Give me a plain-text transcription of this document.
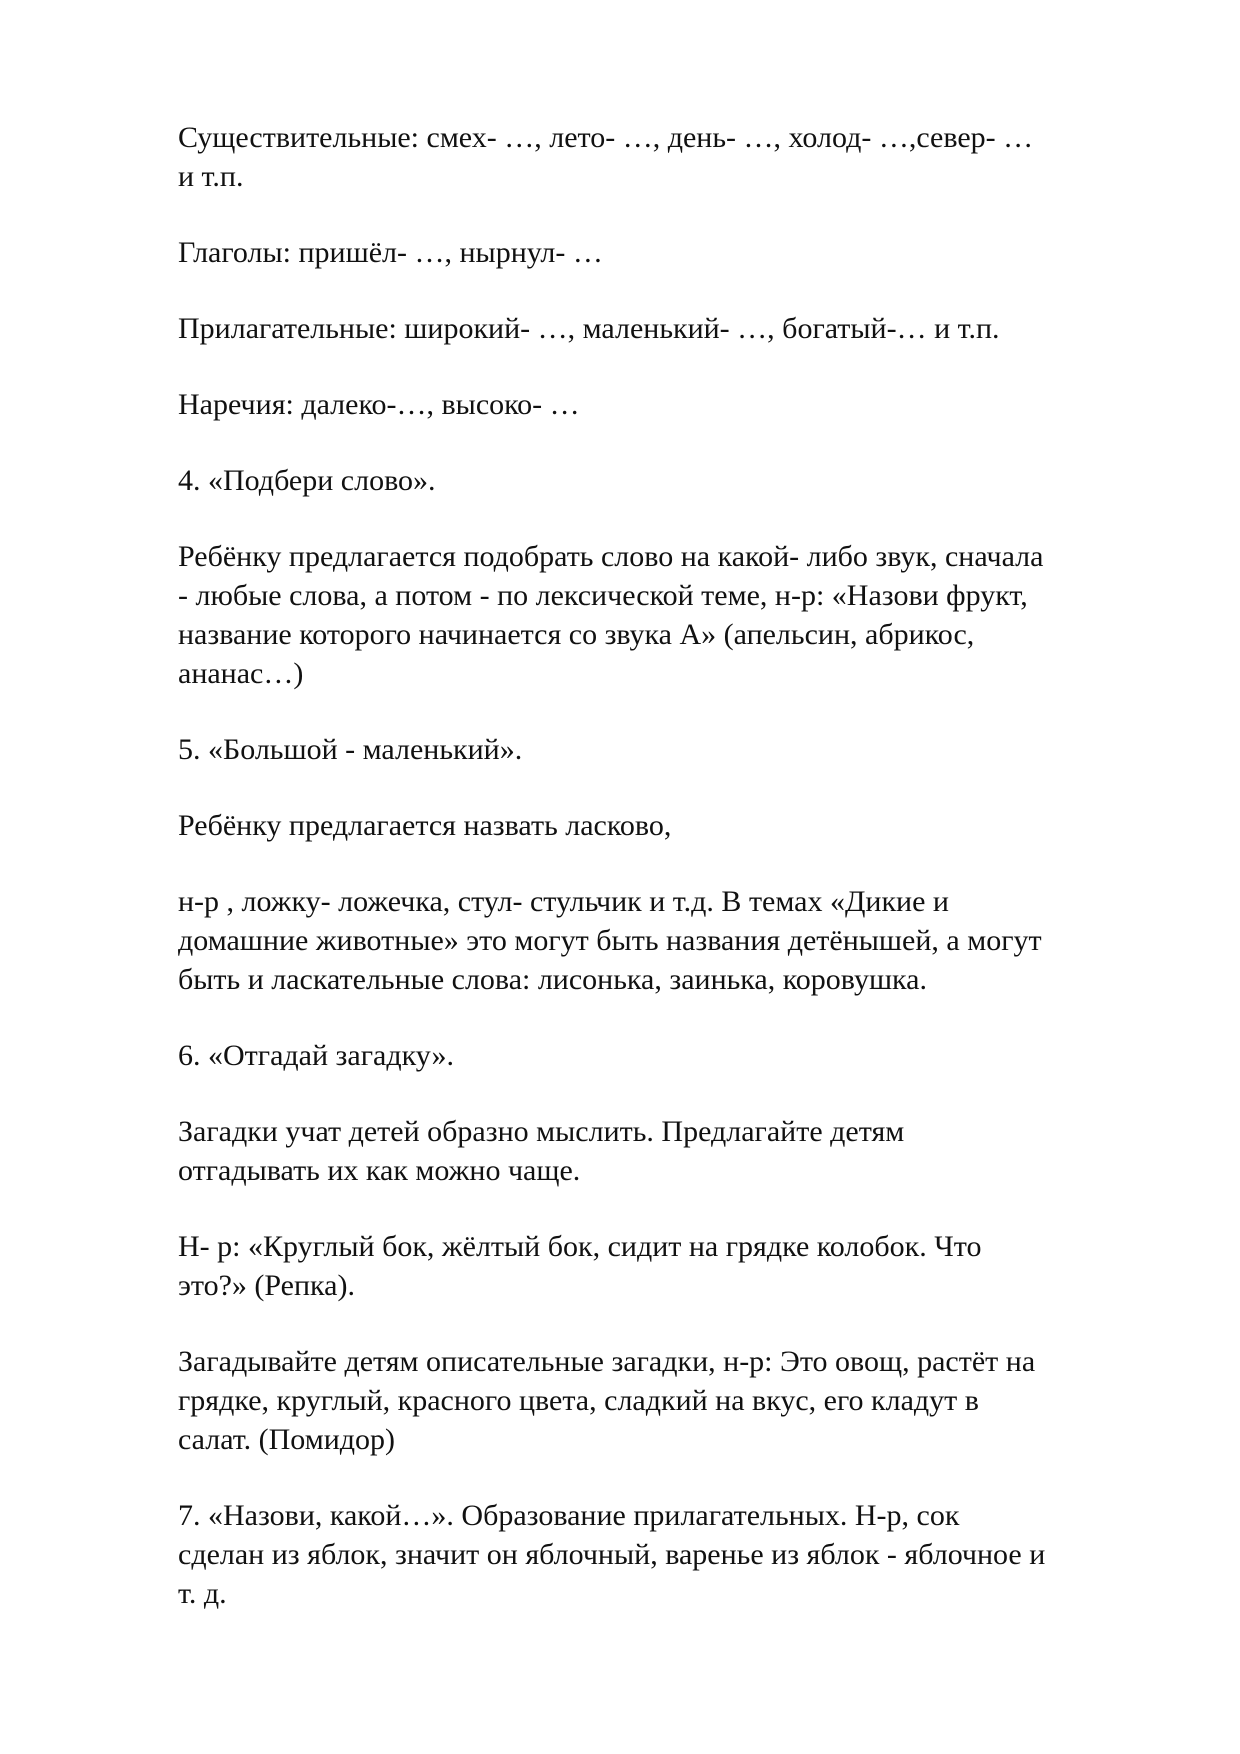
Существительные: смех- …, лето- …, день- …, холод- …,север- …
и т.п.

Глаголы: пришёл- …, нырнул- …

Прилагательные: широкий- …, маленький- …, богатый-… и т.п.

Наречия: далеко-…, высоко- …

4. «Подбери слово».

Ребёнку предлагается подобрать слово на какой- либо звук, сначала
- любые слова, а потом - по лексической теме, н-р: «Назови фрукт,
название которого начинается со звука А» (апельсин, абрикос,
ананас…)

5. «Большой - маленький».

Ребёнку предлагается назвать ласково,

н-р , ложку- ложечка, стул- стульчик и т.д. В темах «Дикие и
домашние животные» это могут быть названия детёнышей, а могут
быть и ласкательные слова: лисонька, заинька, коровушка.

6. «Отгадай загадку».

Загадки учат детей образно мыслить. Предлагайте детям
отгадывать их как можно чаще.

Н- р: «Круглый бок, жёлтый бок, сидит на грядке колобок. Что
это?» (Репка).

Загадывайте детям описательные загадки, н-р: Это овощ, растёт на
грядке, круглый, красного цвета, сладкий на вкус, его кладут в
салат. (Помидор)

7. «Назови, какой…». Образование прилагательных. Н-р, сок
сделан из яблок, значит он яблочный, варенье из яблок - яблочное и
т. д.
